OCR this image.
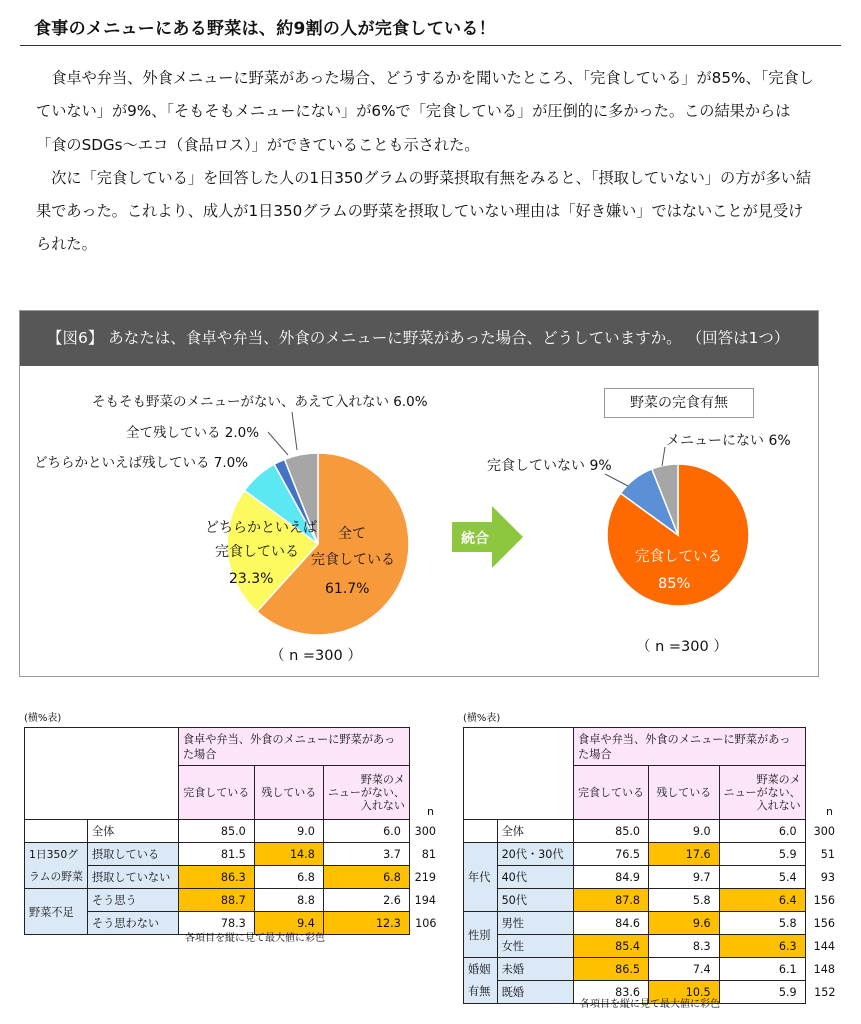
食事のメニューにある野菜は、約9割の人が完食している！

食卓や弁当、外食メニューに野菜があった場合、どうするかを聞いたところ、「完食している」が85%、「完食していない」が9%、「そもそもメニューにない」が6%で「完食している」が圧倒的に多かった。この結果からは「食のSDGs～エコ（食品ロス）」ができていることも示された。

次に「完食している」を回答した人の1日350グラムの野菜摂取有無をみると、「摂取していない」の方が多い結果であった。これより、成人が1日350グラムの野菜を摂取していない理由は「好き嫌い」ではないことが見受けられた。

【図6】 あなたは、食卓や弁当、外食のメニューに野菜があった場合、どうしていますか。 （回答は1つ）
そもそも野菜のメニューがない、あえて入れない 6.0%
全て残している 2.0%
どちらかといえば残している 7.0%
どちらかといえば
完食している
23.3%
全て
完食している
61.7%
（ n =300 ）
統合
完食していない 9%
メニューにない 6%
完食している
85%
（ n =300 ）
野菜の完食有無
(横%表)
		食卓や弁当、外食のメニューに野菜があっ
た場合			
		完食している	残している	野菜のメ
ニューがない、
入れない	n
	全体	85.0	9.0	6.0	300
1日350グ
ラムの野菜	摂取している	81.5	14.8	3.7	81
	摂取していない	86.3	6.8	6.8	219
野菜不足	そう思う	88.7	8.8	2.6	194
	そう思わない	78.3	9.4	12.3	106
各項目を縦に見て最大値に彩色
(横%表)
		食卓や弁当、外食のメニューに野菜があっ
た場合			
		完食している	残している	野菜のメ
ニューがない、
入れない	n
	全体	85.0	9.0	6.0	300
年代	20代・30代	76.5	17.6	5.9	51
	40代	84.9	9.7	5.4	93
	50代	87.8	5.8	6.4	156
性別	男性	84.6	9.6	5.8	156
	女性	85.4	8.3	6.3	144
婚姻
有無	未婚	86.5	7.4	6.1	148
	既婚	83.6	10.5	5.9	152
各項目を縦に見て最大値に彩色
